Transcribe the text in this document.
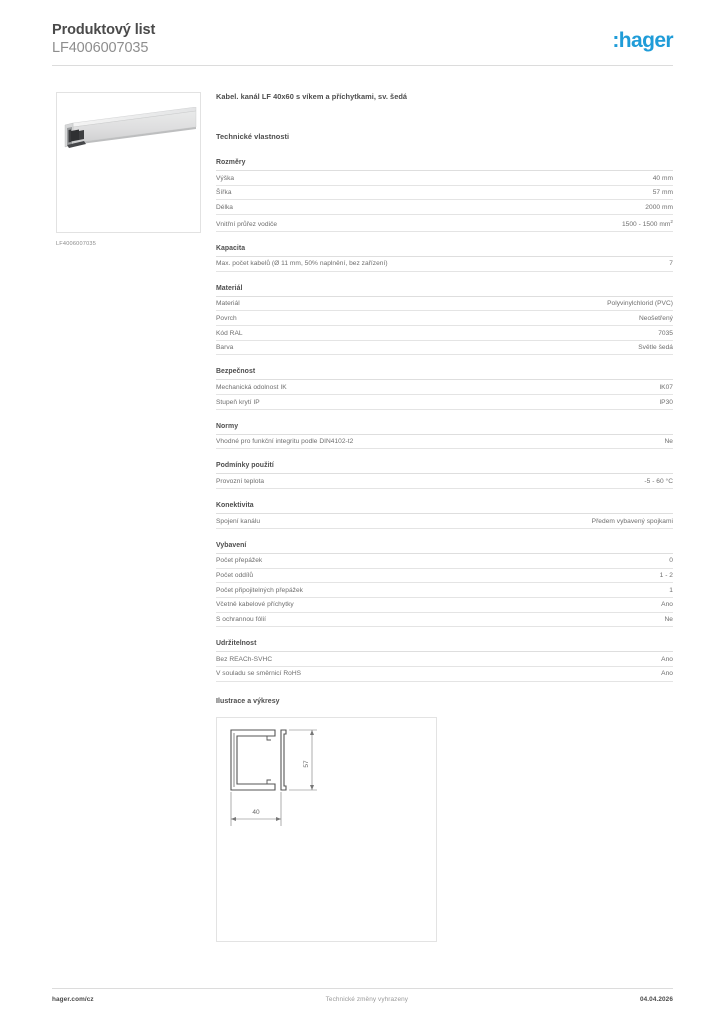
Produktový list
LF4006007035	:hager
LF4006007035
Kabel. kanál LF 40x60 s víkem a příchytkami, sv. šedá
Technické vlastnosti
Rozměry
Výška	40 mm
Šířka	57 mm
Délka	2000 mm
Vnitřní průřez vodiče	1500 - 1500 $mm^2$
Kapacita
Max. počet kabelů (Ø 11 mm, 50% naplnění, bez zařízení)	7
Materiál
Materiál	Polyvinylchlorid (PVC)
Povrch	Neošetřený
Kód RAL	7035
Barva	Světle šedá
Bezpečnost
Mechanická odolnost IK	IK07
Stupeň krytí IP	IP30
Normy
Vhodné pro funkční integritu podle DIN4102-t2	Ne
Podmínky použití
Provozní teplota	-5 - 60 °C
Konektivita
Spojení kanálu	Předem vybavený spojkami
Vybavení
Počet přepážek	0
Počet oddílů	1 - 2
Počet připojitelných přepážek	1
Včetně kabelové příchytky	Ano
S ochrannou fólií	Ne
Udržitelnost
Bez REACh-SVHC	Ano
V souladu se směrnicí RoHS	Ano
Ilustrace a výkresy
57
40
hager.com/cz	Technické změny vyhrazeny	04.04.2026
